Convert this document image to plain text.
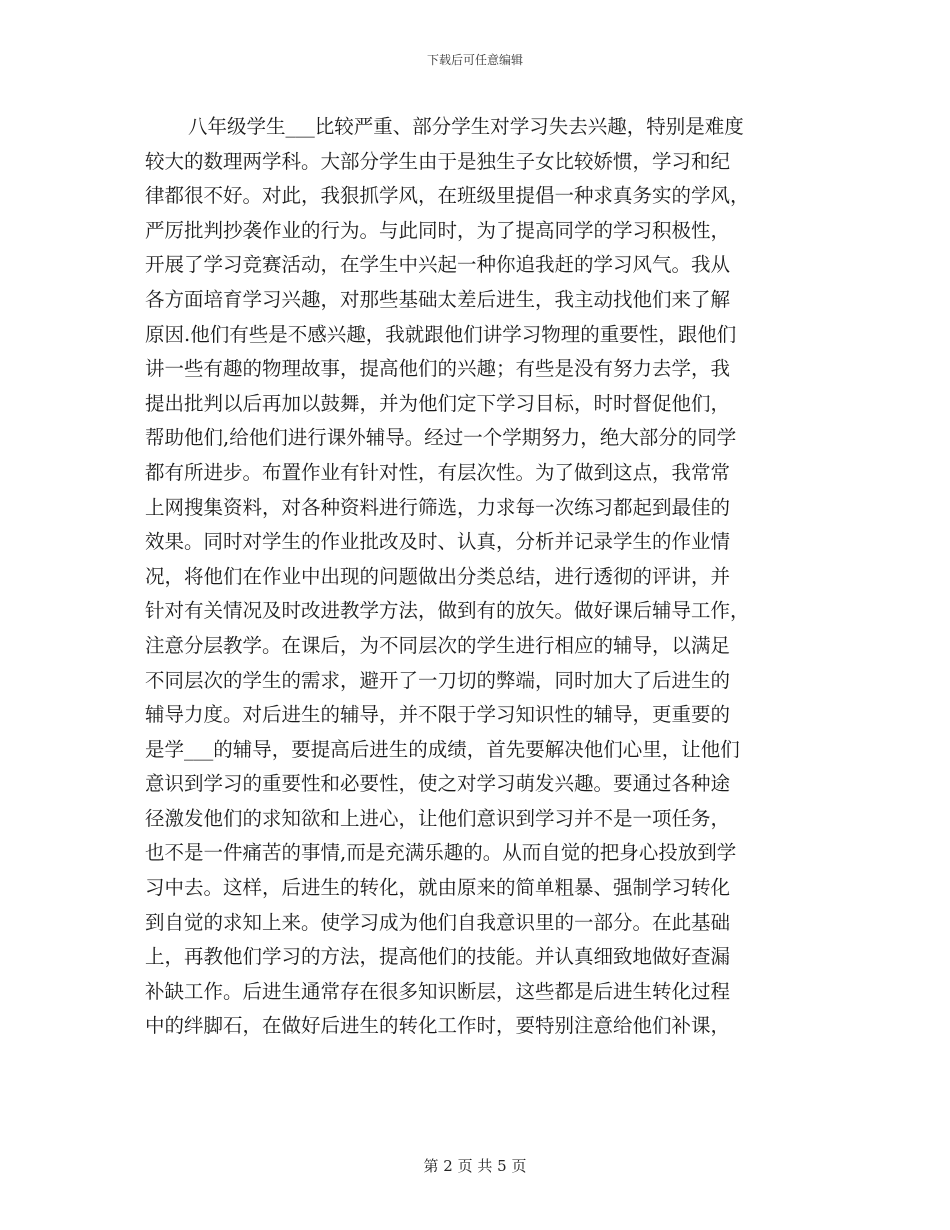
下载后可任意编辑
八年级学生___比较严重、部分学生对学习失去兴趣，特别是难度
较大的数理两学科。大部分学生由于是独生子女比较娇惯，学习和纪
律都很不好。对此，我狠抓学风，在班级里提倡一种求真务实的学风，
严厉批判抄袭作业的行为。与此同时，为了提高同学的学习积极性，
开展了学习竞赛活动，在学生中兴起一种你追我赶的学习风气。我从
各方面培育学习兴趣，对那些基础太差后进生，我主动找他们来了解
原因.他们有些是不感兴趣，我就跟他们讲学习物理的重要性，跟他们
讲一些有趣的物理故事，提高他们的兴趣；有些是没有努力去学，我
提出批判以后再加以鼓舞，并为他们定下学习目标，时时督促他们，
帮助他们,给他们进行课外辅导。经过一个学期努力，绝大部分的同学
都有所进步。布置作业有针对性，有层次性。为了做到这点，我常常
上网搜集资料，对各种资料进行筛选，力求每一次练习都起到最佳的
效果。同时对学生的作业批改及时、认真，分析并记录学生的作业情
况，将他们在作业中出现的问题做出分类总结，进行透彻的评讲，并
针对有关情况及时改进教学方法，做到有的放矢。做好课后辅导工作，
注意分层教学。在课后，为不同层次的学生进行相应的辅导，以满足
不同层次的学生的需求，避开了一刀切的弊端，同时加大了后进生的
辅导力度。对后进生的辅导，并不限于学习知识性的辅导，更重要的
是学___的辅导，要提高后进生的成绩，首先要解决他们心里，让他们
意识到学习的重要性和必要性，使之对学习萌发兴趣。要通过各种途
径激发他们的求知欲和上进心，让他们意识到学习并不是一项任务，
也不是一件痛苦的事情,而是充满乐趣的。从而自觉的把身心投放到学
习中去。这样，后进生的转化，就由原来的简单粗暴、强制学习转化
到自觉的求知上来。使学习成为他们自我意识里的一部分。在此基础
上，再教他们学习的方法，提高他们的技能。并认真细致地做好查漏
补缺工作。后进生通常存在很多知识断层，这些都是后进生转化过程
中的绊脚石，在做好后进生的转化工作时，要特别注意给他们补课，
第 2 页 共 5 页
